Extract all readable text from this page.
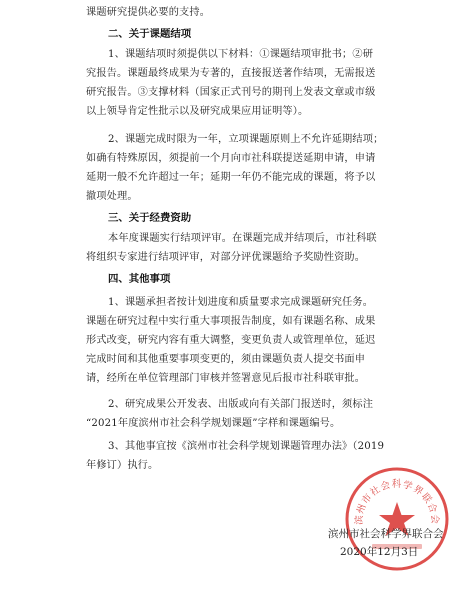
课题研究提供必要的支持。
二、关于课题结项
1、课题结项时须提供以下材料：①课题结项审批书；②研
究报告。课题最终成果为专著的，直接报送著作结项，无需报送
研究报告。③支撑材料（国家正式刊号的期刊上发表文章或市级
以上领导肯定性批示以及研究成果应用证明等）。
2、课题完成时限为一年，立项课题原则上不允许延期结项；
如确有特殊原因，须提前一个月向市社科联提送延期申请，申请
延期一般不允许超过一年；延期一年仍不能完成的课题，将予以
撤项处理。
三、关于经费资助
本年度课题实行结项评审。在课题完成并结项后，市社科联
将组织专家进行结项评审，对部分评优课题给予奖励性资助。
四、其他事项
1、课题承担者按计划进度和质量要求完成课题研究任务。
课题在研究过程中实行重大事项报告制度，如有课题名称、成果
形式改变，研究内容有重大调整，变更负责人或管理单位，延迟
完成时间和其他重要事项变更的，须由课题负责人提交书面申
请，经所在单位管理部门审核并签署意见后报市社科联审批。
2、研究成果公开发表、出版或向有关部门报送时，须标注
“2021年度滨州市社会科学规划课题”字样和课题编号。
3、其他事宜按《滨州市社会科学规划课题管理办法》（2019
年修订）执行。
滨州市社会科学界联合会
滨州市社会科学界联合会
2020年12月3日
